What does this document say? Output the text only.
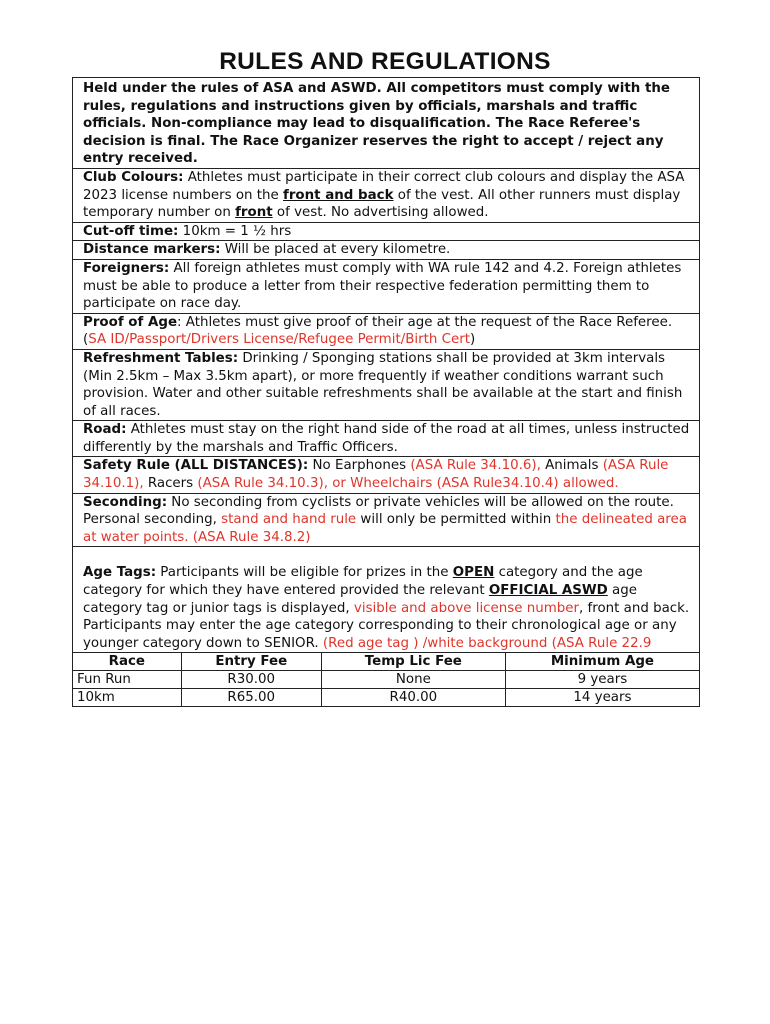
RULES AND REGULATIONS
Held under the rules of ASA and ASWD. All competitors must comply with the rules, regulations and instructions given by officials, marshals and traffic officials. Non-compliance may lead to disqualification. The Race Referee's decision is final. The Race Organizer reserves the right to accept / reject any entry received.
Club Colours: Athletes must participate in their correct club colours and display the ASA 2023 license numbers on the front and back of the vest. All other runners must display temporary number on front of vest. No advertising allowed.
Cut-off time: 10km = 1 ½ hrs
Distance markers: Will be placed at every kilometre.
Foreigners: All foreign athletes must comply with WA rule 142 and 4.2. Foreign athletes must be able to produce a letter from their respective federation permitting them to participate on race day.
Proof of Age: Athletes must give proof of their age at the request of the Race Referee. (SA ID/Passport/Drivers License/Refugee Permit/Birth Cert)
Refreshment Tables: Drinking / Sponging stations shall be provided at 3km intervals (Min 2.5km – Max 3.5km apart), or more frequently if weather conditions warrant such provision. Water and other suitable refreshments shall be available at the start and finish of all races.
Road: Athletes must stay on the right hand side of the road at all times, unless instructed differently by the marshals and Traffic Officers.
Safety Rule (ALL DISTANCES): No Earphones (ASA Rule 34.10.6), Animals (ASA Rule 34.10.1), Racers (ASA Rule 34.10.3), or Wheelchairs (ASA Rule34.10.4) allowed.
Seconding: No seconding from cyclists or private vehicles will be allowed on the route. Personal seconding, stand and hand rule will only be permitted within the delineated area at water points. (ASA Rule 34.8.2)
Age Tags: Participants will be eligible for prizes in the OPEN category and the age category for which they have entered provided the relevant OFFICIAL ASWD age category tag or junior tags is displayed, visible and above license number, front and back. Participants may enter the age category corresponding to their chronological age or any younger category down to SENIOR. (Red age tag ) /white background (ASA Rule 22.9
Race	Entry Fee	Temp Lic Fee	Minimum Age
Fun Run	R30.00	None	9 years
10km	R65.00	R40.00	14 years
